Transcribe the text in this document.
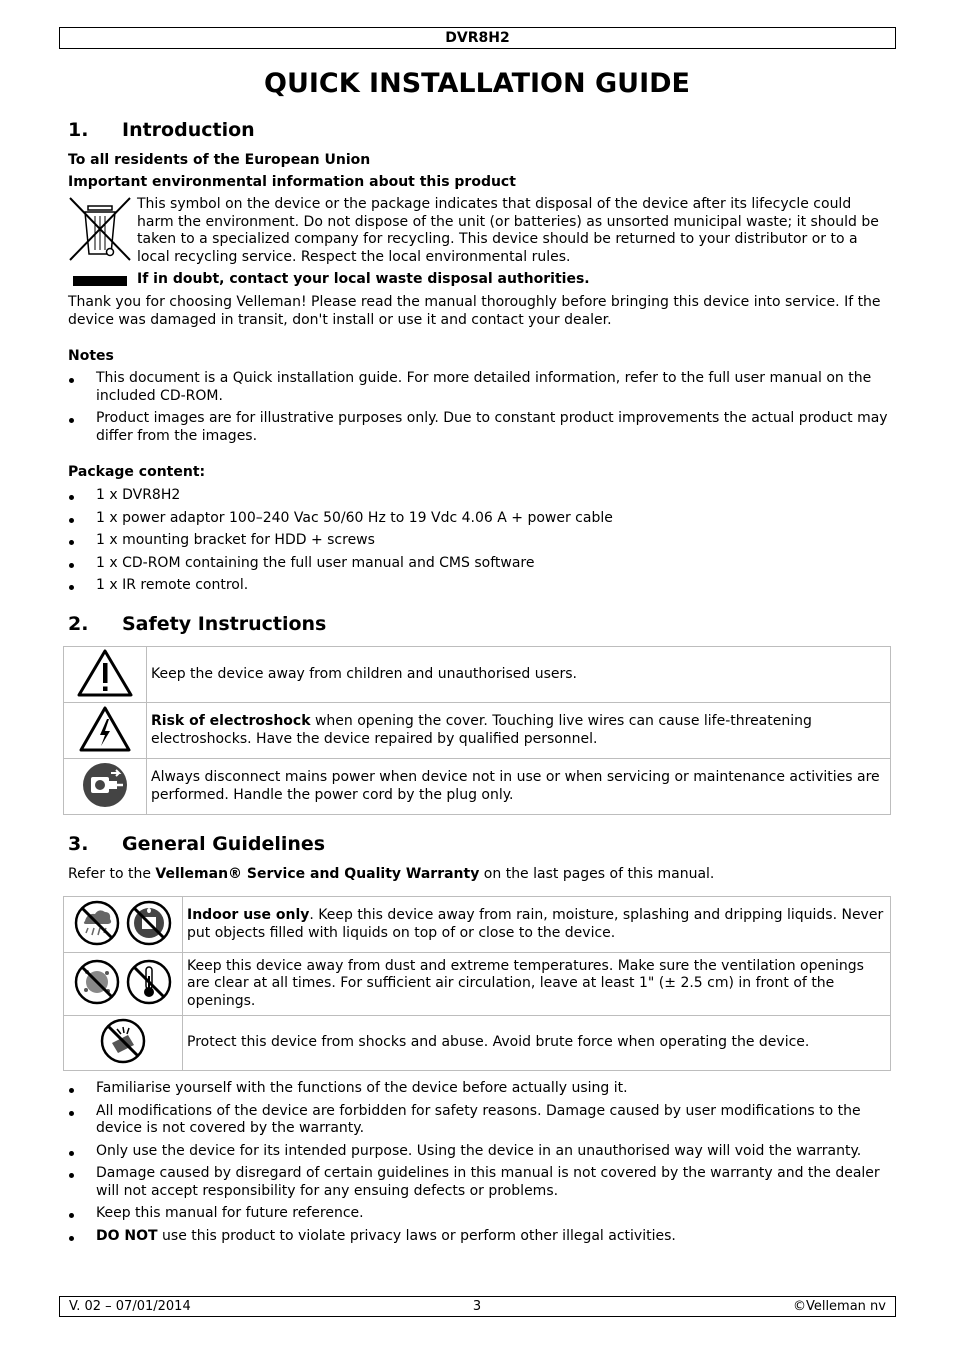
DVR8H2
QUICK INSTALLATION GUIDE
1. Introduction
To all residents of the European Union
Important environmental information about this product
This symbol on the device or the package indicates that disposal of the device after its lifecycle could harm the environment. Do not dispose of the unit (or batteries) as unsorted municipal waste; it should be taken to a specialized company for recycling. This device should be returned to your distributor or to a local recycling service. Respect the local environmental rules.
If in doubt, contact your local waste disposal authorities.
Thank you for choosing Velleman! Please read the manual thoroughly before bringing this device into service. If the device was damaged in transit, don't install or use it and contact your dealer.
Notes
This document is a Quick installation guide. For more detailed information, refer to the full user manual on the included CD-ROM.
Product images are for illustrative purposes only. Due to constant product improvements the actual product may differ from the images.
Package content:
1 x DVR8H2
1 x power adaptor 100–240 Vac 50/60 Hz to 19 Vdc 4.06 A + power cable
1 x mounting bracket for HDD + screws
1 x CD-ROM containing the full user manual and CMS software
1 x IR remote control.
2. Safety Instructions
	Keep the device away from children and unauthorised users.

	Risk of electroshock when opening the cover. Touching live wires can cause life-threatening electroshocks. Have the device repaired by qualified personnel.

	Always disconnect mains power when device not in use or when servicing or maintenance activities are performed. Handle the power cord by the plug only.
3. General Guidelines
Refer to the Velleman® Service and Quality Warranty on the last pages of this manual.
	Indoor use only. Keep this device away from rain, moisture, splashing and dripping liquids. Never put objects filled with liquids on top of or close to the device.

	Keep this device away from dust and extreme temperatures. Make sure the ventilation openings are clear at all times. For sufficient air circulation, leave at least 1" (± 2.5 cm) in front of the openings.

	Protect this device from shocks and abuse. Avoid brute force when operating the device.
Familiarise yourself with the functions of the device before actually using it.
All modifications of the device are forbidden for safety reasons. Damage caused by user modifications to the device is not covered by the warranty.
Only use the device for its intended purpose. Using the device in an unauthorised way will void the warranty.
Damage caused by disregard of certain guidelines in this manual is not covered by the warranty and the dealer will not accept responsibility for any ensuing defects or problems.
Keep this manual for future reference.
DO NOT use this product to violate privacy laws or perform other illegal activities.
V. 02 – 07/01/2014	3	©Velleman nv
